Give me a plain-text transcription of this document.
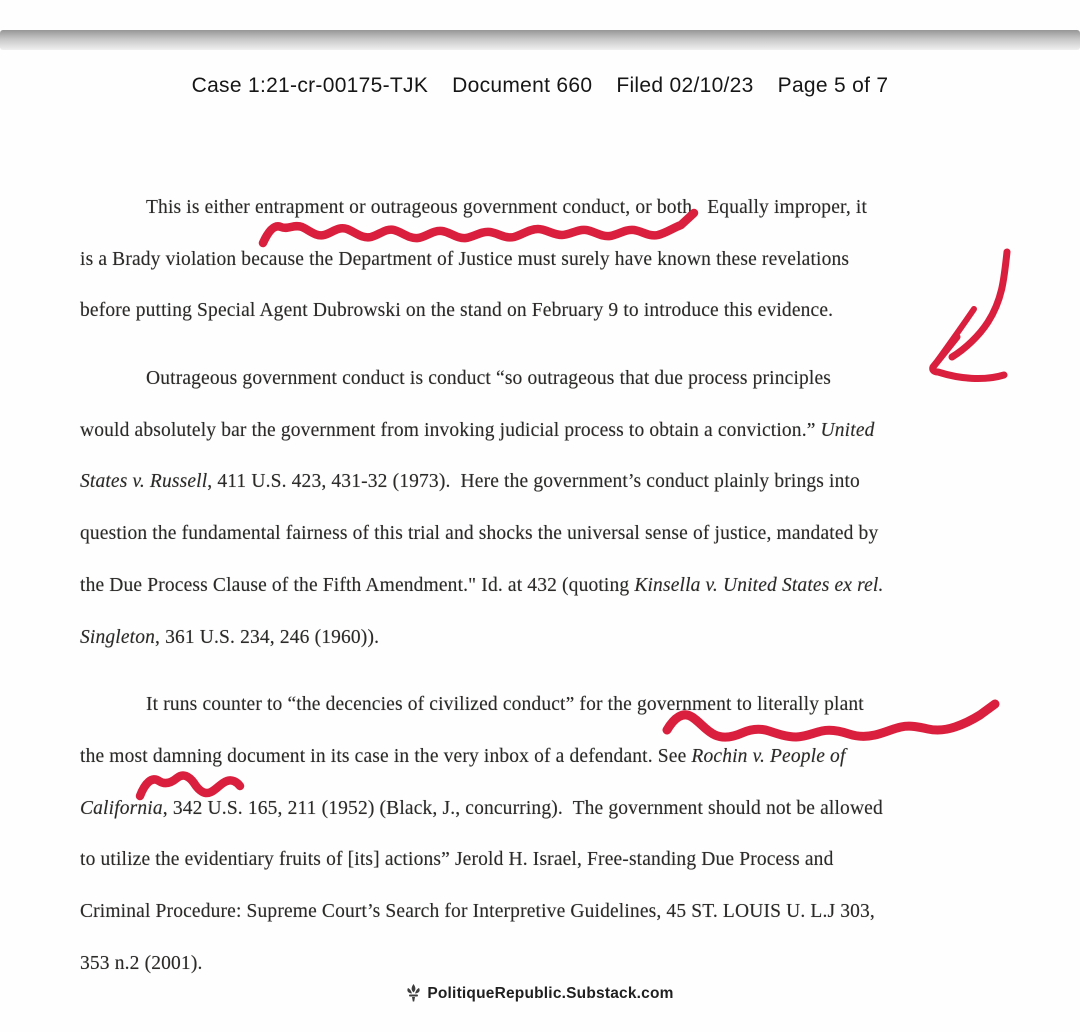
Case 1:21-cr-00175-TJK Document 660 Filed 02/10/23 Page 5 of 7
This is either entrapment or outrageous government conduct, or both.  Equally improper, it
is a Brady violation because the Department of Justice must surely have known these revelations
before putting Special Agent Dubrowski on the stand on February 9 to introduce this evidence.
Outrageous government conduct is conduct “so outrageous that due process principles
would absolutely bar the government from invoking judicial process to obtain a conviction.” United
States v. Russell, 411 U.S. 423, 431-32 (1973).  Here the government’s conduct plainly brings into
question the fundamental fairness of this trial and shocks the universal sense of justice, mandated by
the Due Process Clause of the Fifth Amendment." Id. at 432 (quoting Kinsella v. United States ex rel.
Singleton, 361 U.S. 234, 246 (1960)).
It runs counter to “the decencies of civilized conduct” for the government to literally plant
the most damning document in its case in the very inbox of a defendant. See Rochin v. People of
California, 342 U.S. 165, 211 (1952) (Black, J., concurring).  The government should not be allowed
to utilize the evidentiary fruits of [its] actions” Jerold H. Israel, Free-standing Due Process and
Criminal Procedure: Supreme Court’s Search for Interpretive Guidelines, 45 ST. LOUIS U. L.J 303,
353 n.2 (2001).
PolitiqueRepublic.Substack.com
